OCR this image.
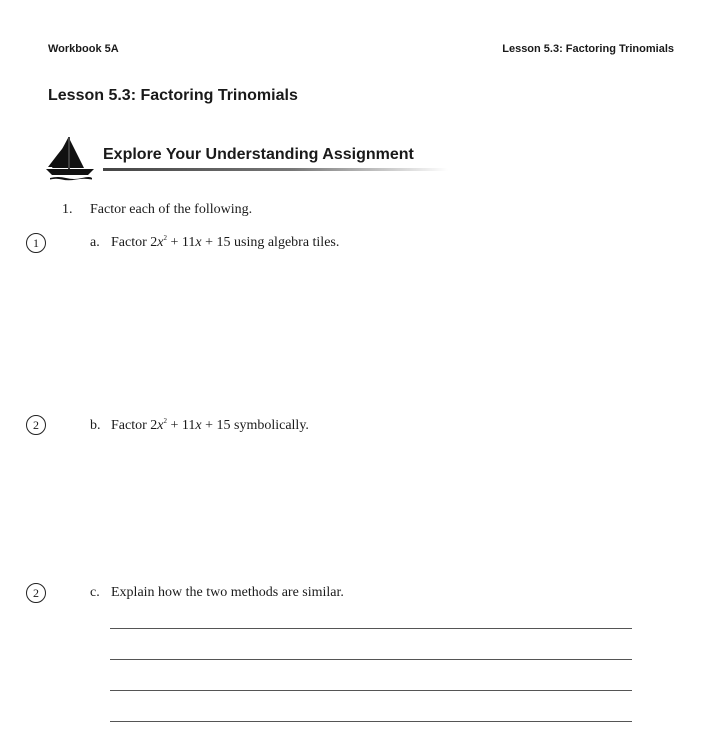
Workbook 5A	Lesson 5.3: Factoring Trinomials
Lesson 5.3: Factoring Trinomials
Explore Your Understanding Assignment
1. Factor each of the following.
1	a. Factor $2x^2 + 11x + 15$ using algebra tiles.
2	b. Factor $2x^2 + 11x + 15$ symbolically.
2	c. Explain how the two methods are similar.
